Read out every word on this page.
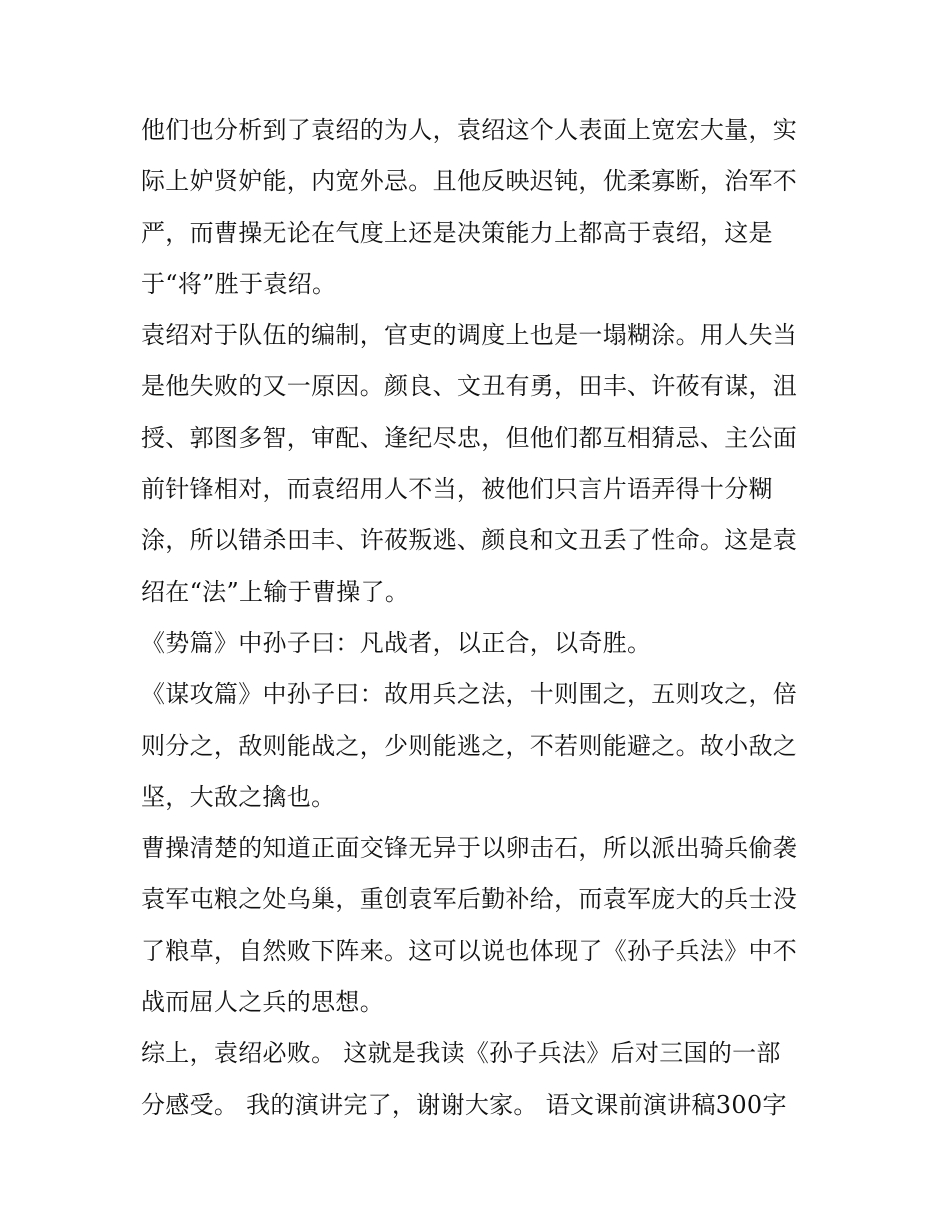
他们也分析到了袁绍的为人，袁绍这个人表面上宽宏大量，实
际上妒贤妒能，内宽外忌。且他反映迟钝，优柔寡断，治军不
严，而曹操无论在气度上还是决策能力上都高于袁绍，这是
于“将”胜于袁绍。
袁绍对于队伍的编制，官吏的调度上也是一塌糊涂。用人失当
是他失败的又一原因。颜良、文丑有勇，田丰、许莜有谋，沮
授、郭图多智，审配、逢纪尽忠，但他们都互相猜忌、主公面
前针锋相对，而袁绍用人不当，被他们只言片语弄得十分糊
涂，所以错杀田丰、许莜叛逃、颜良和文丑丢了性命。这是袁
绍在“法”上输于曹操了。
《势篇》中孙子曰：凡战者，以正合，以奇胜。
《谋攻篇》中孙子曰：故用兵之法，十则围之，五则攻之，倍
则分之，敌则能战之，少则能逃之，不若则能避之。故小敌之
坚，大敌之擒也。
曹操清楚的知道正面交锋无异于以卵击石，所以派出骑兵偷袭
袁军屯粮之处乌巢，重创袁军后勤补给，而袁军庞大的兵士没
了粮草，自然败下阵来。这可以说也体现了《孙子兵法》中不
战而屈人之兵的思想。
综上，袁绍必败。 这就是我读《孙子兵法》后对三国的一部
分感受。 我的演讲完了，谢谢大家。 语文课前演讲稿300字
